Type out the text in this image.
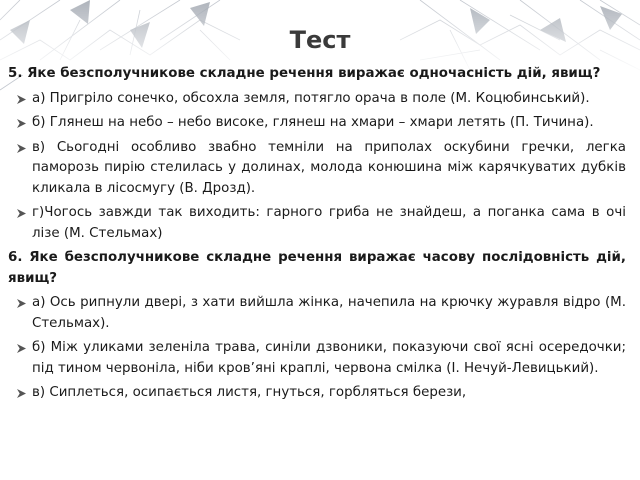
Тест
5. Яке безсполучникове складне речення виражає одночасність дій, явищ?
а) Пригріло сонечко, обсохла земля, потягло орача в поле (М. Коцюбинський).
б) Глянеш на небо – небо високе, глянеш на хмари – хмари летять (П. Тичина).
в) Сьогодні особливо звабно темніли на приполах оскубини гречки, легка паморозь пирію стелилась у долинах, молода конюшина між карячкуватих дубків кликала в лісосмугу (В. Дрозд).
г)Чогось завжди так виходить: гарного гриба не знайдеш, а поганка сама в очі лізе (М. Стельмах)
6. Яке безсполучникове складне речення виражає часову послідовність дій, явищ?
а) Ось рипнули двері, з хати вийшла жінка, начепила на крючку журавля відро (М. Стельмах).
б) Між уликами зеленіла трава, синіли дзвоники, показуючи свої ясні осередочки; під тином червоніла, ніби кров’яні краплі, червона смілка (І. Нечуй-Левицький).
в) Сиплеться, осипається листя, гнуться, горбляться берези,
